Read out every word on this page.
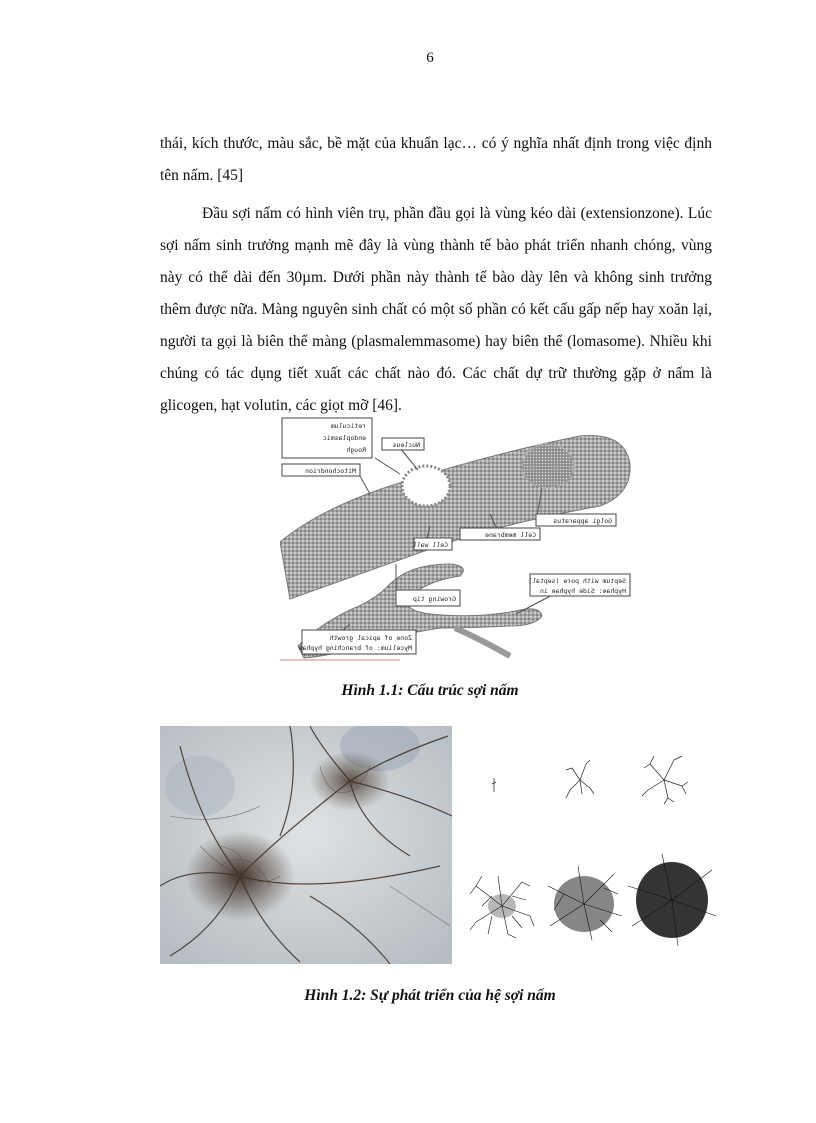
6

thái, kích thước, màu sắc, bề mặt của khuẩn lạc… có ý nghĩa nhất định trong việc định tên nấm. [45]

Đầu sợi nấm có hình viên trụ, phần đầu gọi là vùng kéo dài (extensionzone). Lúc sợi nấm sinh trưởng mạnh mẽ đây là vùng thành tế bào phát triển nhanh chóng, vùng này có thể dài đến 30µm. Dưới phần này thành tế bào dày lên và không sinh trưởng thêm được nữa. Màng nguyên sinh chất có một số phần có kết cấu gấp nếp hay xoăn lại, người ta gọi là biên thể màng (plasmalemmasome) hay biên thể (lomasome). Nhiều khi chúng có tác dụng tiết xuất các chất nào đó. Các chất dự trữ thường gặp ở nấm là glicogen, hạt volutin, các giọt mỡ [46].

reticulum
endoplasmic
Rough
Nucleus
Mitochondrion
Golgi apparatus
Cell wall
Cell membrane
Growing tip
Septum with pore (septal)
Hyphae: Side hyphae in
Zone of apical growth
Mycelium: of branching hyphae
Hình 1.1: Cấu trúc sợi nấm
Hình 1.2: Sự phát triển của hệ sợi nấm
